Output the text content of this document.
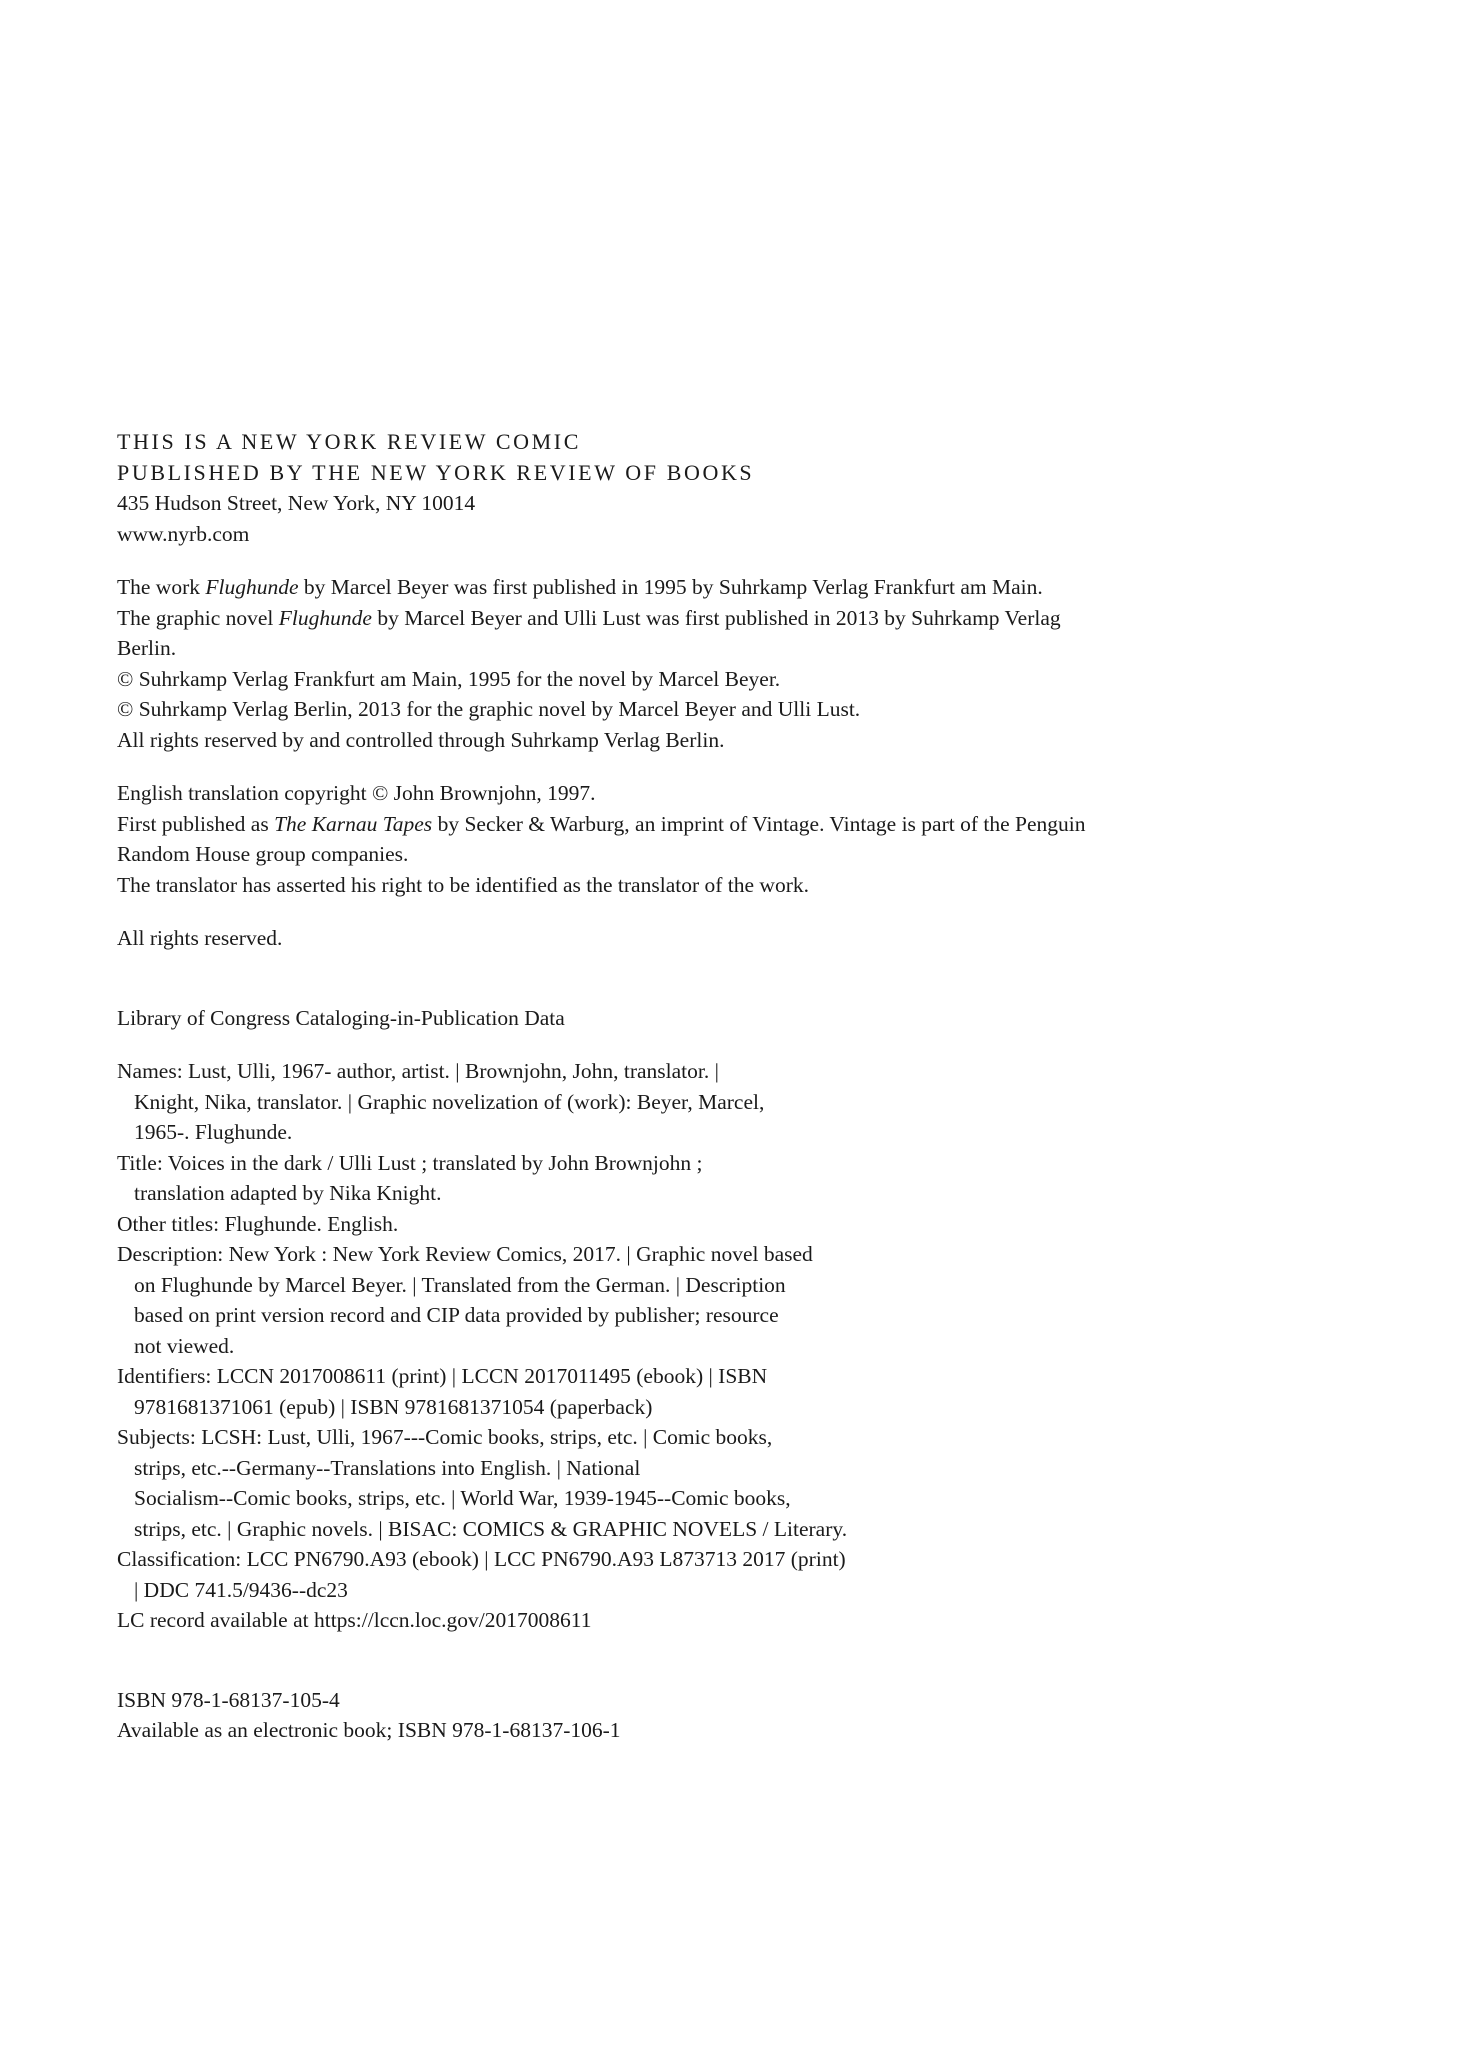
THIS IS A NEW YORK REVIEW COMIC
PUBLISHED BY THE NEW YORK REVIEW OF BOOKS
435 Hudson Street, New York, NY 10014
www.nyrb.com
The work Flughunde by Marcel Beyer was first published in 1995 by Suhrkamp Verlag Frankfurt am Main.
The graphic novel Flughunde by Marcel Beyer and Ulli Lust was first published in 2013 by Suhrkamp Verlag
Berlin.
© Suhrkamp Verlag Frankfurt am Main, 1995 for the novel by Marcel Beyer.
© Suhrkamp Verlag Berlin, 2013 for the graphic novel by Marcel Beyer and Ulli Lust.
All rights reserved by and controlled through Suhrkamp Verlag Berlin.
English translation copyright © John Brownjohn, 1997.
First published as The Karnau Tapes by Secker & Warburg, an imprint of Vintage. Vintage is part of the Penguin
Random House group companies.
The translator has asserted his right to be identified as the translator of the work.
All rights reserved.
Library of Congress Cataloging-in-Publication Data
Names: Lust, Ulli, 1967- author, artist. | Brownjohn, John, translator. |
Knight, Nika, translator. | Graphic novelization of (work): Beyer, Marcel,
1965-. Flughunde.
Title: Voices in the dark / Ulli Lust ; translated by John Brownjohn ;
translation adapted by Nika Knight.
Other titles: Flughunde. English.
Description: New York : New York Review Comics, 2017. | Graphic novel based
on Flughunde by Marcel Beyer. | Translated from the German. | Description
based on print version record and CIP data provided by publisher; resource
not viewed.
Identifiers: LCCN 2017008611 (print) | LCCN 2017011495 (ebook) | ISBN
9781681371061 (epub) | ISBN 9781681371054 (paperback)
Subjects: LCSH: Lust, Ulli, 1967---Comic books, strips, etc. | Comic books,
strips, etc.--Germany--Translations into English. | National
Socialism--Comic books, strips, etc. | World War, 1939-1945--Comic books,
strips, etc. | Graphic novels. | BISAC: COMICS & GRAPHIC NOVELS / Literary.
Classification: LCC PN6790.A93 (ebook) | LCC PN6790.A93 L873713 2017 (print)
| DDC 741.5/9436--dc23
LC record available at https://lccn.loc.gov/2017008611
ISBN 978-1-68137-105-4
Available as an electronic book; ISBN 978-1-68137-106-1
